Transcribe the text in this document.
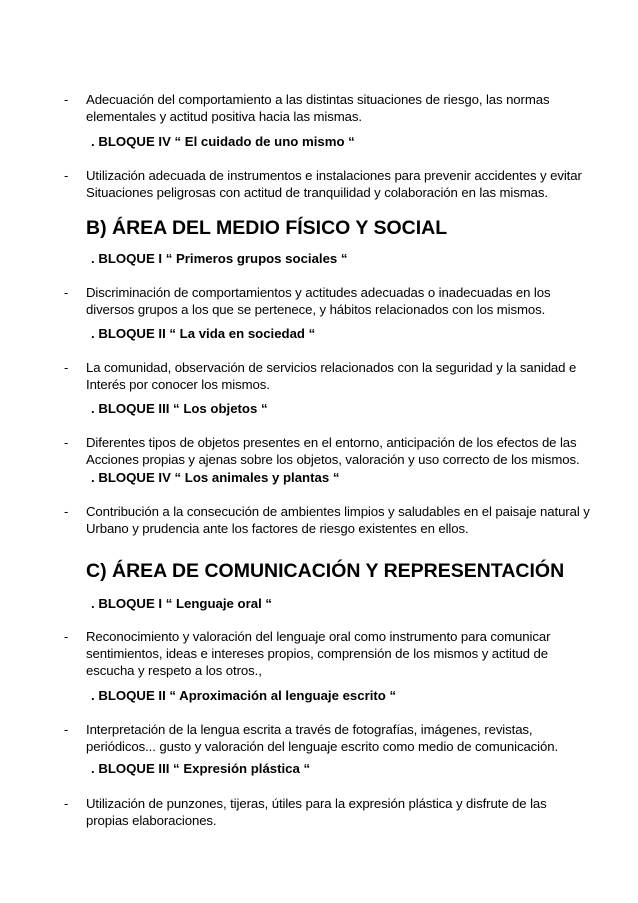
- Adecuación del comportamiento a las distintas situaciones de riesgo, las normas
elementales y actitud positiva hacia las mismas.
. BLOQUE IV “ El cuidado de uno mismo “
- Utilización adecuada de instrumentos e instalaciones para prevenir accidentes y evitar
Situaciones peligrosas con actitud de tranquilidad y colaboración en las mismas.
B) ÁREA DEL MEDIO FÍSICO Y SOCIAL
. BLOQUE I “ Primeros grupos sociales “
- Discriminación de comportamientos y actitudes adecuadas o inadecuadas en los
diversos grupos a los que se pertenece, y hábitos relacionados con los mismos.
. BLOQUE II “ La vida en sociedad “
- La comunidad, observación de servicios relacionados con la seguridad y la sanidad e
Interés por conocer los mismos.
. BLOQUE III “ Los objetos “
- Diferentes tipos de objetos presentes en el entorno, anticipación de los efectos de las
Acciones propias y ajenas sobre los objetos, valoración y uso correcto de los mismos.
. BLOQUE IV “ Los animales y plantas “
- Contribución a la consecución de ambientes limpios y saludables en el paisaje natural y
Urbano y prudencia ante los factores de riesgo existentes en ellos.
C) ÁREA DE COMUNICACIÓN Y REPRESENTACIÓN
. BLOQUE I “ Lenguaje oral “
- Reconocimiento y valoración del lenguaje oral como instrumento para comunicar
sentimientos, ideas e intereses propios, comprensión de los mismos y actitud de
escucha y respeto a los otros.,
. BLOQUE II “ Aproximación al lenguaje escrito “
- Interpretación de la lengua escrita a través de fotografías, imágenes, revistas,
periódicos... gusto y valoración del lenguaje escrito como medio de comunicación.
. BLOQUE III “ Expresión plástica “
- Utilización de punzones, tijeras, útiles para la expresión plástica y disfrute de las
propias elaboraciones.
